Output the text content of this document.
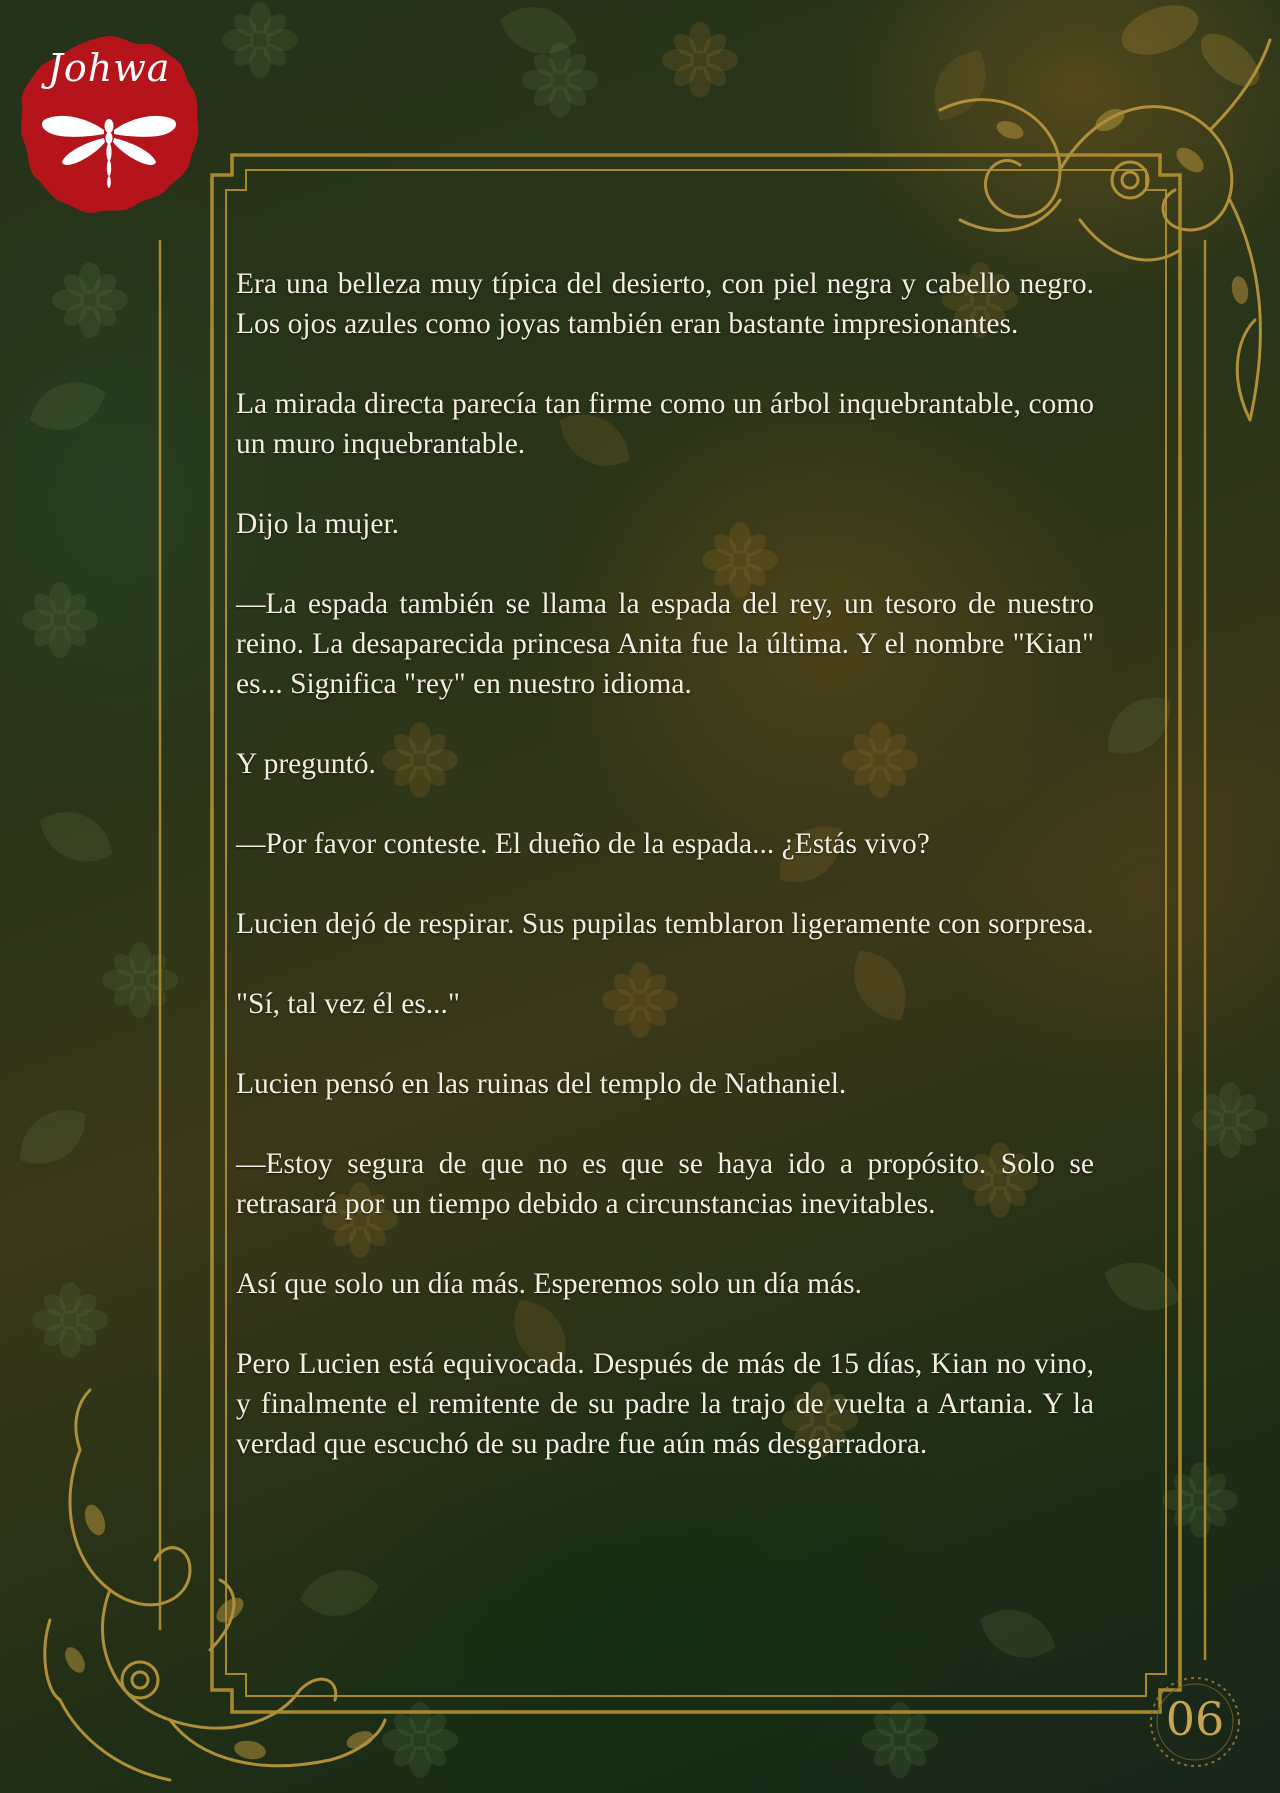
Johwa

Era una belleza muy típica del desierto, con piel negra y cabello negro. Los ojos azules como joyas también eran bastante impresionantes.

La mirada directa parecía tan firme como un árbol inquebrantable, como un muro inquebrantable.

Dijo la mujer.

—La espada también se llama la espada del rey, un tesoro de nuestro reino. La desaparecida princesa Anita fue la última. Y el nombre "Kian" es... Significa "rey" en nuestro idioma.

Y preguntó.

—Por favor conteste. El dueño de la espada... ¿Estás vivo?

Lucien dejó de respirar. Sus pupilas temblaron ligeramente con sorpresa.

"Sí, tal vez él es..."

Lucien pensó en las ruinas del templo de Nathaniel.

—Estoy segura de que no es que se haya ido a propósito. Solo se retrasará por un tiempo debido a circunstancias inevitables.

Así que solo un día más. Esperemos solo un día más.

Pero Lucien está equivocada. Después de más de 15 días, Kian no vino, y finalmente el remitente de su padre la trajo de vuelta a Artania. Y la verdad que escuchó de su padre fue aún más desgarradora.

06
